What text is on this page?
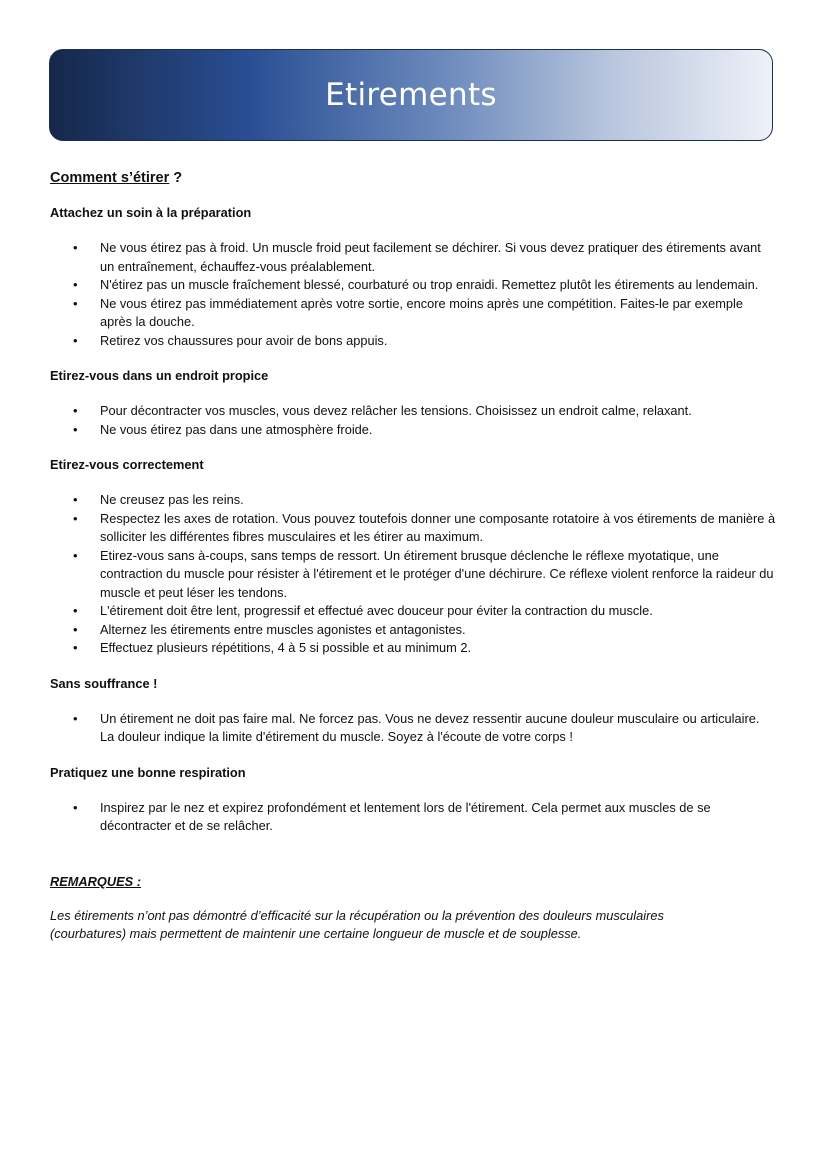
Etirements
Comment s’étirer ?
Attachez un soin à la préparation
• Ne vous étirez pas à froid. Un muscle froid peut facilement se déchirer. Si vous devez pratiquer des étirements avant un entraînement, échauffez-vous préalablement.
• N'étirez pas un muscle fraîchement blessé, courbaturé ou trop enraidi. Remettez plutôt les étirements au lendemain.
• Ne vous étirez pas immédiatement après votre sortie, encore moins après une compétition. Faites-le par exemple après la douche.
• Retirez vos chaussures pour avoir de bons appuis.
Etirez-vous dans un endroit propice
• Pour décontracter vos muscles, vous devez relâcher les tensions. Choisissez un endroit calme, relaxant.
• Ne vous étirez pas dans une atmosphère froide.
Etirez-vous correctement
• Ne creusez pas les reins.
• Respectez les axes de rotation. Vous pouvez toutefois donner une composante rotatoire à vos étirements de manière à solliciter les différentes fibres musculaires et les étirer au maximum.
• Etirez-vous sans à-coups, sans temps de ressort. Un étirement brusque déclenche le réflexe myotatique, une contraction du muscle pour résister à l'étirement et le protéger d'une déchirure. Ce réflexe violent renforce la raideur du muscle et peut léser les tendons.
• L'étirement doit être lent, progressif et effectué avec douceur pour éviter la contraction du muscle.
• Alternez les étirements entre muscles agonistes et antagonistes.
• Effectuez plusieurs répétitions, 4 à 5 si possible et au minimum 2.
Sans souffrance !
• Un étirement ne doit pas faire mal. Ne forcez pas. Vous ne devez ressentir aucune douleur musculaire ou articulaire. La douleur indique la limite d'étirement du muscle. Soyez à l'écoute de votre corps !
Pratiquez une bonne respiration
• Inspirez par le nez et expirez profondément et lentement lors de l'étirement. Cela permet aux muscles de se décontracter et de se relâcher.
REMARQUES :

Les étirements n’ont pas démontré d’efficacité sur la récupération ou la prévention des douleurs musculaires (courbatures) mais permettent de maintenir une certaine longueur de muscle et de souplesse.
